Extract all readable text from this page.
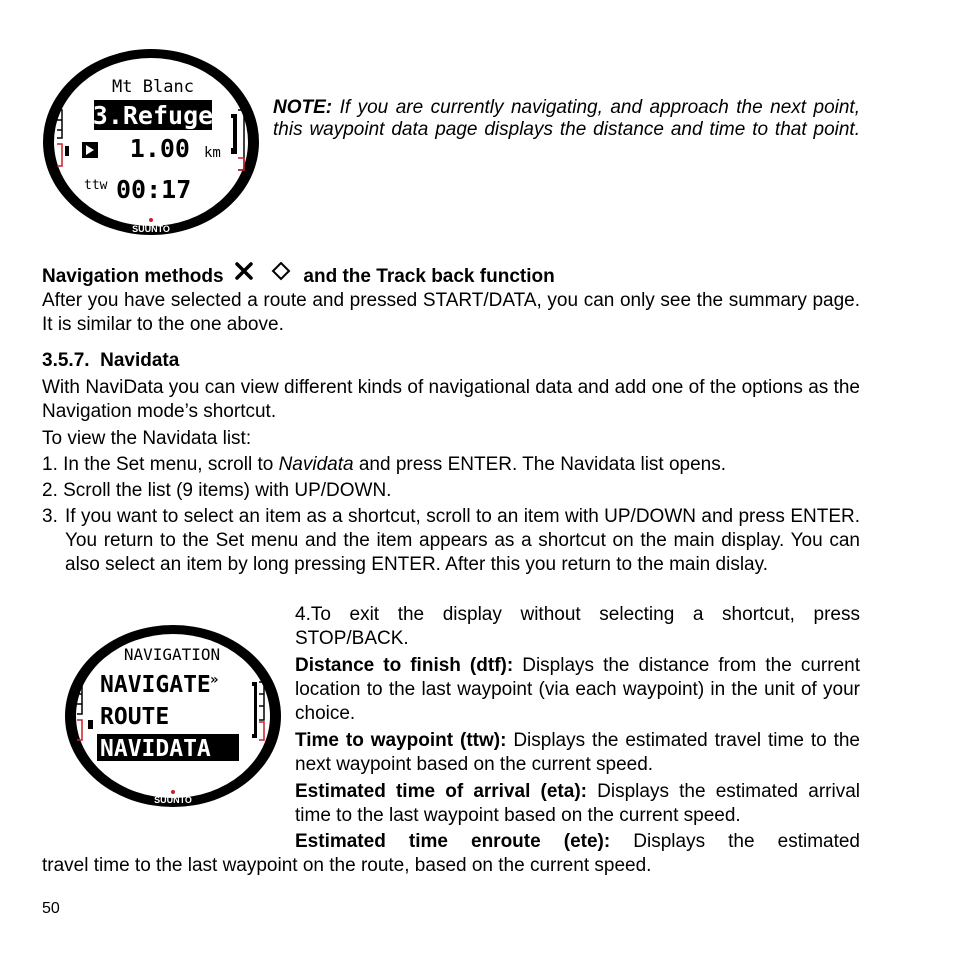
Mt Blanc
3.Refuge
1.00 km
ttw 00:17
SUUNTO

NOTE: If you are currently navigating, and approach the next point, this waypoint data page displays the distance and time to that point.

Navigation methods	and the Track back function

After you have selected a route and pressed START/DATA, you can only see the summary page. It is similar to the one above.

3.5.7.  Navidata

With NaviData you can view different kinds of navigational data and add one of the options as the Navigation mode’s shortcut.

To view the Navidata list:

1. In the Set menu, scroll to Navidata and press ENTER. The Navidata list opens.

2. Scroll the list (9 items) with UP/DOWN.

3. If you want to select an item as a shortcut, scroll to an item with UP/DOWN and press ENTER. You return to the Set menu and the item appears as a shortcut on the main display. You can also select an item by long pressing ENTER. After this you return to the main dislay.

NAVIGATION
NAVIGATE »
ROUTE
NAVIDATA
SUUNTO

4.To exit the display without selecting a shortcut, press STOP/BACK.

Distance to finish (dtf): Displays the distance from the current location to the last waypoint (via each waypoint) in the unit of your choice.

Time to waypoint (ttw): Displays the estimated travel time to the next waypoint based on the current speed.

Estimated time of arrival (eta): Displays the estimated arrival time to the last waypoint based on the current speed.

Estimated time enroute (ete): Displays the estimated

travel time to the last waypoint on the route, based on the current speed.

50
